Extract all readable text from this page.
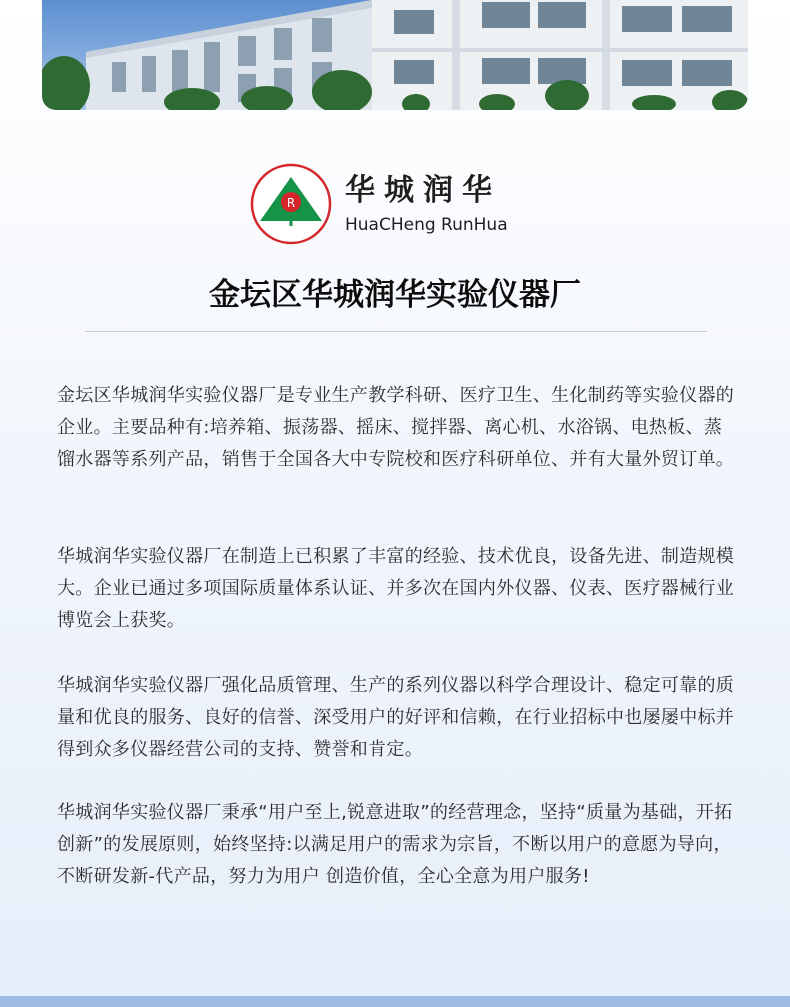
R 华城润华
HuaCHeng RunHua
金坛区华城润华实验仪器厂

金坛区华城润华实验仪器厂是专业生产教学科研、医疗卫生、生化制药等实验仪器的企业。主要品种有:培养箱、振荡器、摇床、搅拌器、离心机、水浴锅、电热板、蒸馏水器等系列产品，销售于全国各大中专院校和医疗科研单位、并有大量外贸订单。

华城润华实验仪器厂在制造上已积累了丰富的经验、技术优良，设备先进、制造规模大。企业已通过多项国际质量体系认证、并多次在国内外仪器、仪表、医疗器械行业博览会上获奖。

华城润华实验仪器厂强化品质管理、生产的系列仪器以科学合理设计、稳定可靠的质量和优良的服务、良好的信誉、深受用户的好评和信赖，在行业招标中也屡屡中标并得到众多仪器经营公司的支持、赞誉和肯定。

华城润华实验仪器厂秉承“用户至上,锐意进取”的经营理念，坚持“质量为基础，开拓创新”的发展原则，始终坚持:以满足用户的需求为宗旨，不断以用户的意愿为导向，不断研发新-代产品，努力为用户 创造价值，全心全意为用户服务!
